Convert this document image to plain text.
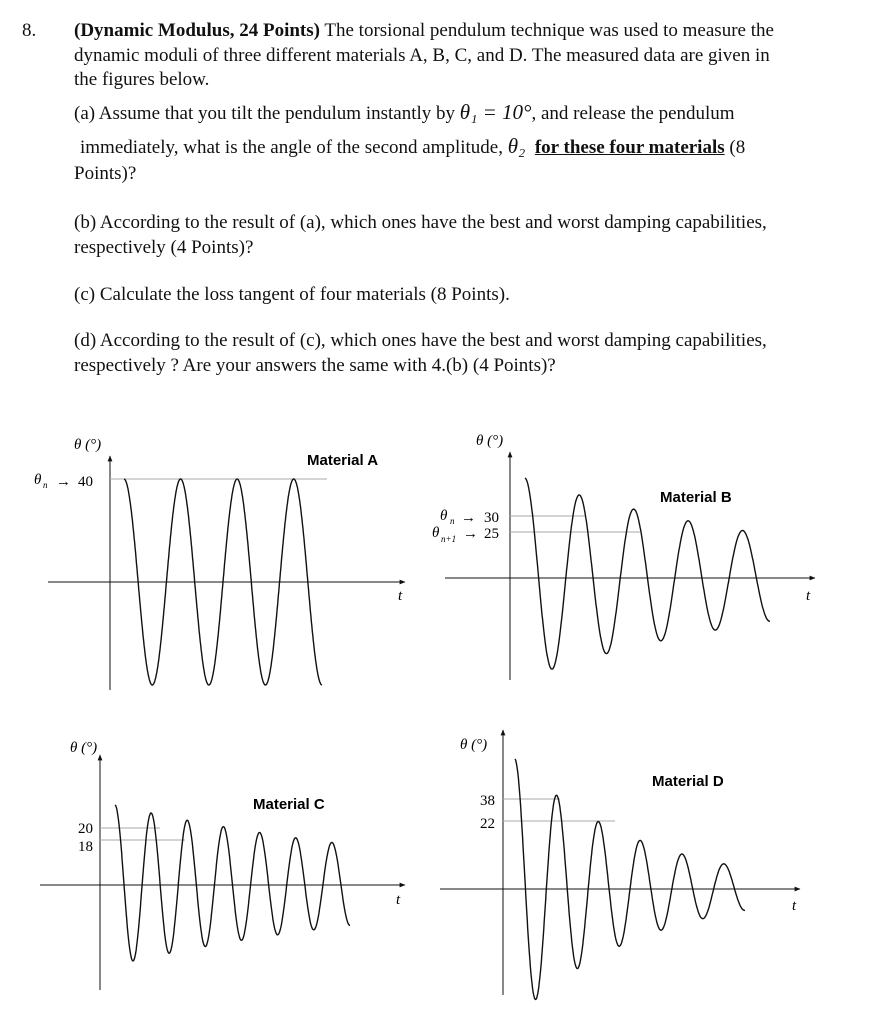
8. (Dynamic Modulus, 24 Points) The torsional pendulum technique was used to measure the
dynamic moduli of three different materials A, B, C, and D. The measured data are given in
the figures below.
(a) Assume that you tilt the pendulum instantly by θ₁ = 10°, and release the pendulum
immediately, what is the angle of the second amplitude, θ₂ for these four materials (8
Points)?
(b) According to the result of (a), which ones have the best and worst damping capabilities,
respectively (4 Points)?
(c) Calculate the loss tangent of four materials (8 Points).
(d) According to the result of (c), which ones have the best and worst damping capabilities,
respectively ? Are your answers the same with 4.(b) (4 Points)?
θ (°)
t
θ n → 40
Material A
θ (°)
t
θ n → 30
θ n+1 → 25
Material B
θ (°)
t
20
18
Material C
θ (°)
t
38
22
Material D
